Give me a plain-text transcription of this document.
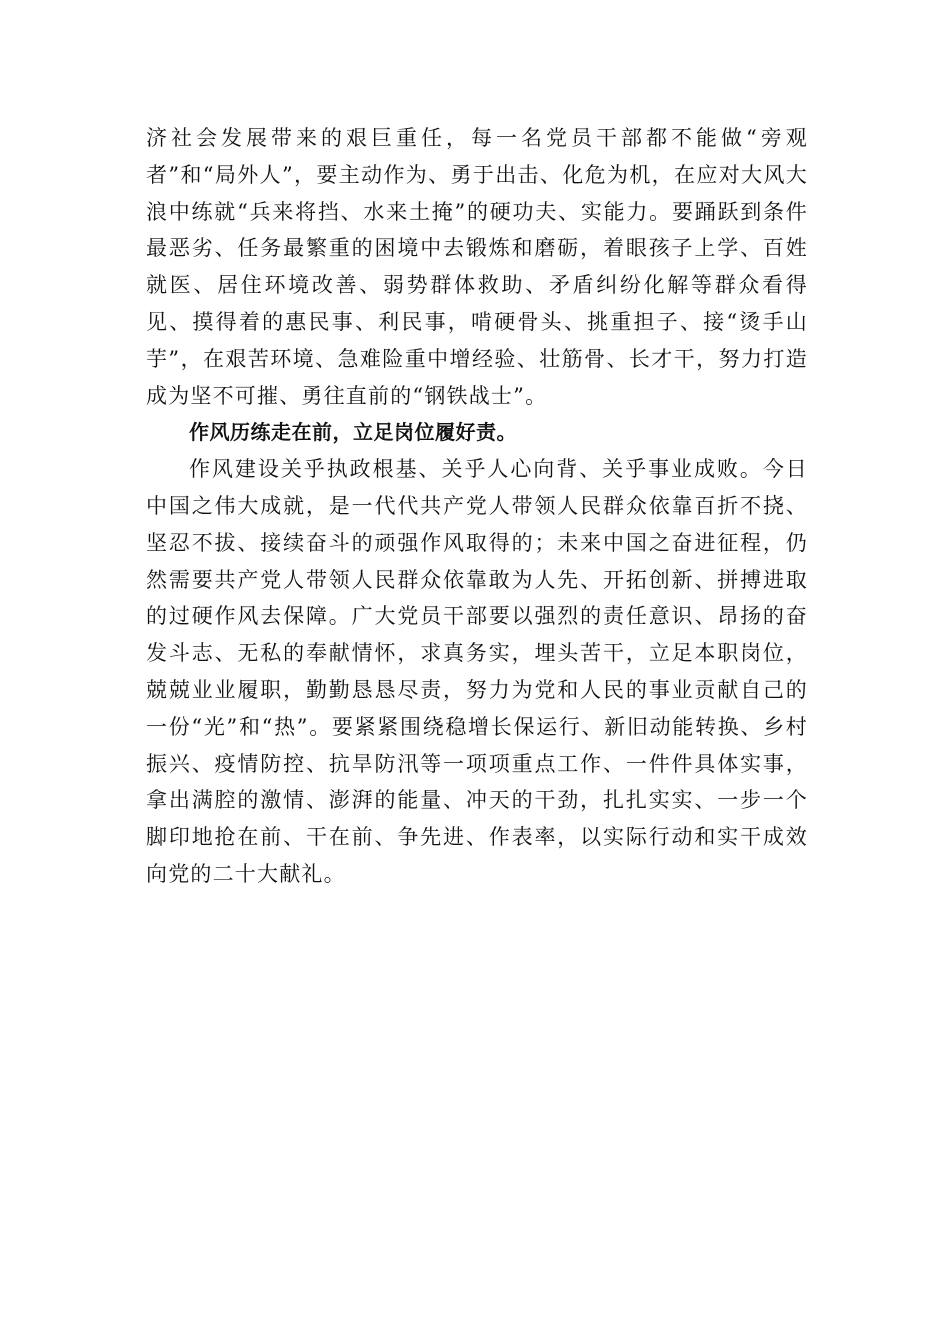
济社会发展带来的艰巨重任，每一名党员干部都不能做“旁观者”和“局外人”，要主动作为、勇于出击、化危为机，在应对大风大浪中练就“兵来将挡、水来土掩”的硬功夫、实能力。要踊跃到条件最恶劣、任务最繁重的困境中去锻炼和磨砺，着眼孩子上学、百姓就医、居住环境改善、弱势群体救助、矛盾纠纷化解等群众看得见、摸得着的惠民事、利民事，啃硬骨头、挑重担子、接“烫手山芋”，在艰苦环境、急难险重中增经验、壮筋骨、长才干，努力打造成为坚不可摧、勇往直前的“钢铁战士”。

作风历练走在前，立足岗位履好责。

作风建设关乎执政根基、关乎人心向背、关乎事业成败。今日中国之伟大成就，是一代代共产党人带领人民群众依靠百折不挠、坚忍不拔、接续奋斗的顽强作风取得的；未来中国之奋进征程，仍然需要共产党人带领人民群众依靠敢为人先、开拓创新、拼搏进取的过硬作风去保障。广大党员干部要以强烈的责任意识、昂扬的奋发斗志、无私的奉献情怀，求真务实，埋头苦干，立足本职岗位，兢兢业业履职，勤勤恳恳尽责，努力为党和人民的事业贡献自己的一份“光”和“热”。要紧紧围绕稳增长保运行、新旧动能转换、乡村振兴、疫情防控、抗旱防汛等一项项重点工作、一件件具体实事，拿出满腔的激情、澎湃的能量、冲天的干劲，扎扎实实、一步一个脚印地抢在前、干在前、争先进、作表率，以实际行动和实干成效向党的二十大献礼。
